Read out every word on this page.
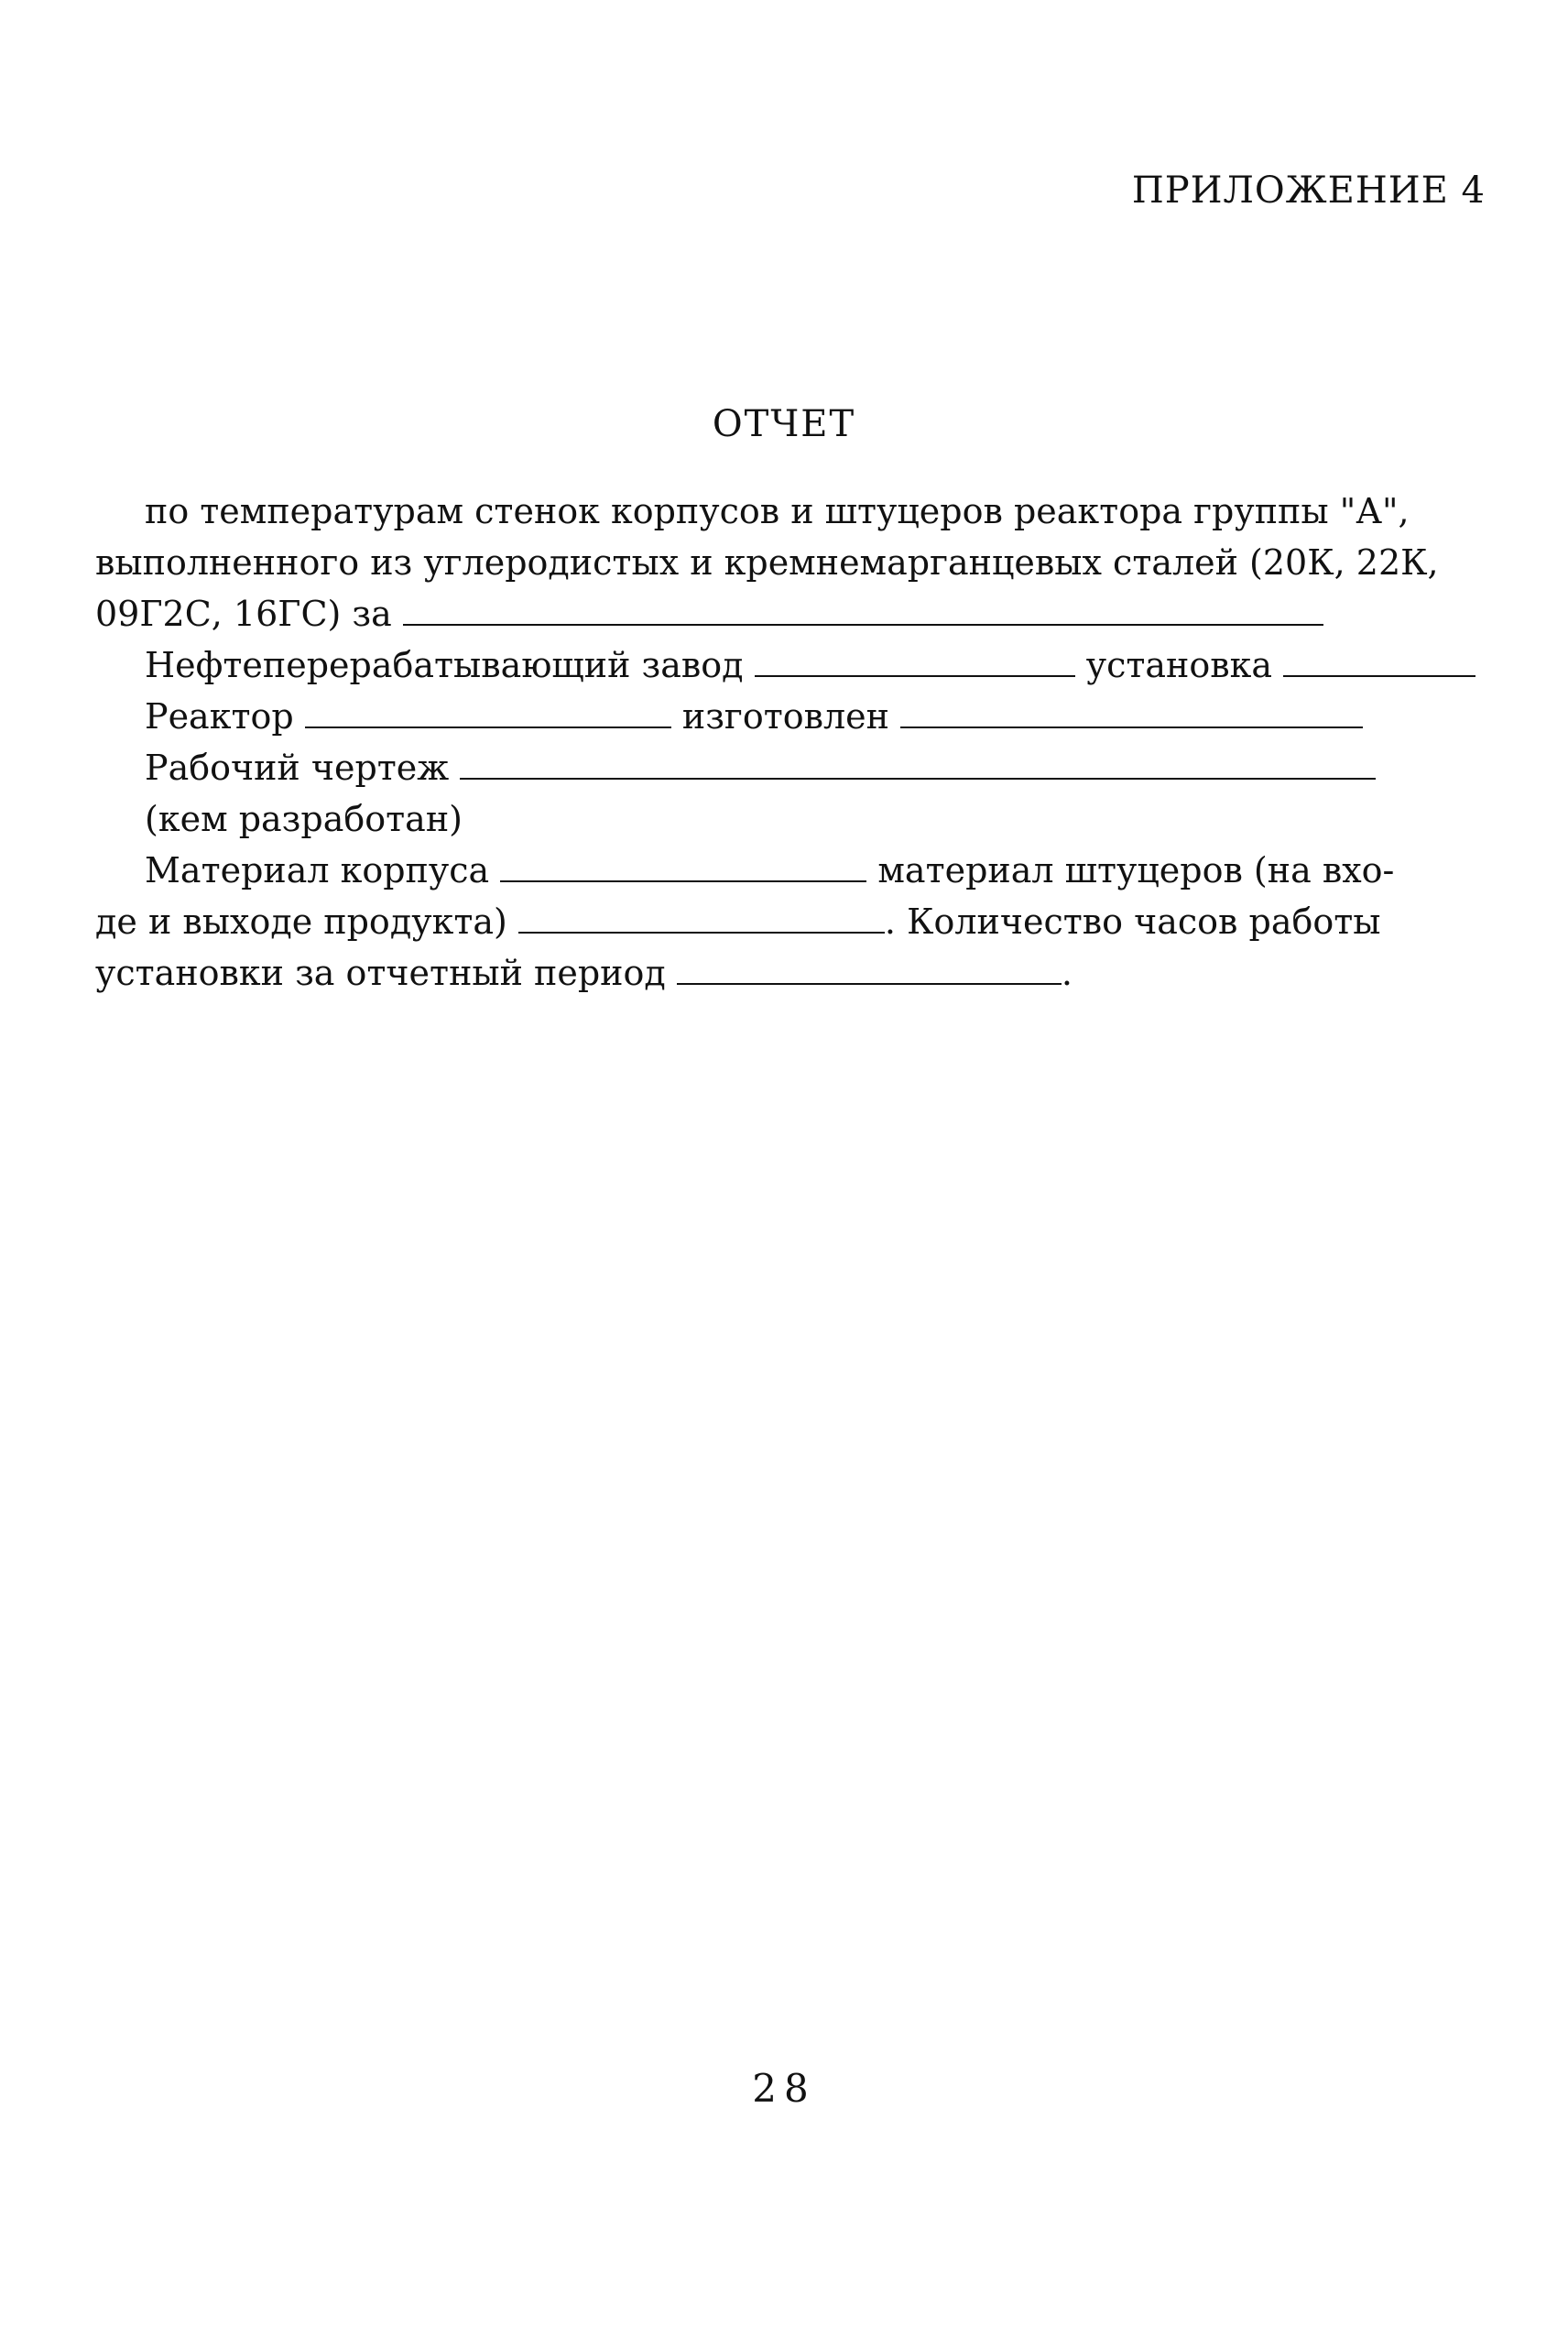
ПРИЛОЖЕНИЕ 4
ОТЧЕТ
по температурам стенок корпусов и штуцеров реактора группы "А",
выполненного из углеродистых и кремнемарганцевых сталей (20К, 22К,
09Г2С, 16ГС) за
Нефтеперерабатывающий завод	установка
Реактор	изготовлен
Рабочий чертеж
(кем разработан)
Материал корпуса	материал штуцеров (на вхо-
де и выходе продукта)	. Количество часов работы
установки за отчетный период	.
28
